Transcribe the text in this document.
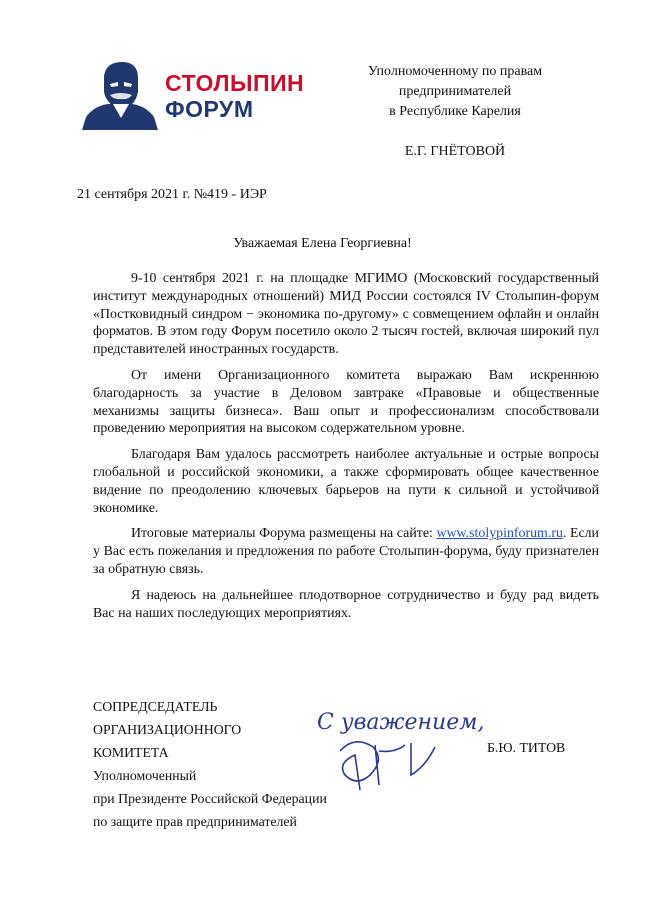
СТОЛЫПИН
ФОРУМ
Уполномоченному по правам
предпринимателей
в Республике Карелия
Е.Г. ГНЁТОВОЙ
21 сентября 2021 г. №419 - ИЭР
Уважаемая Елена Георгиевна!

9-10 сентября 2021 г. на площадке МГИМО (Московский государственный институт международных отношений) МИД России состоялся IV Столыпин-форум «Постковидный синдром − экономика по-другому» с совмещением офлайн и онлайн форматов. В этом году Форум посетило около 2 тысяч гостей, включая широкий пул представителей иностранных государств.

От имени Организационного комитета выражаю Вам искреннюю благодарность за участие в Деловом завтраке «Правовые и общественные механизмы защиты бизнеса». Ваш опыт и профессионализм способствовали проведению мероприятия на высоком содержательном уровне.

Благодаря Вам удалось рассмотреть наиболее актуальные и острые вопросы глобальной и российской экономики, а также сформировать общее качественное видение по преодолению ключевых барьеров на пути к сильной и устойчивой экономике.

Итоговые материалы Форума размещены на сайте: www.stolypinforum.ru. Если у Вас есть пожелания и предложения по работе Столыпин-форума, буду признателен за обратную связь.

Я надеюсь на дальнейшее плодотворное сотрудничество и буду рад видеть Вас на наших последующих мероприятиях.

СОПРЕДСЕДАТЕЛЬ
ОРГАНИЗАЦИОННОГО
КОМИТЕТА
Уполномоченный
при Президенте Российской Федерации
по защите прав предпринимателей
С уважением,
Б.Ю. ТИТОВ
